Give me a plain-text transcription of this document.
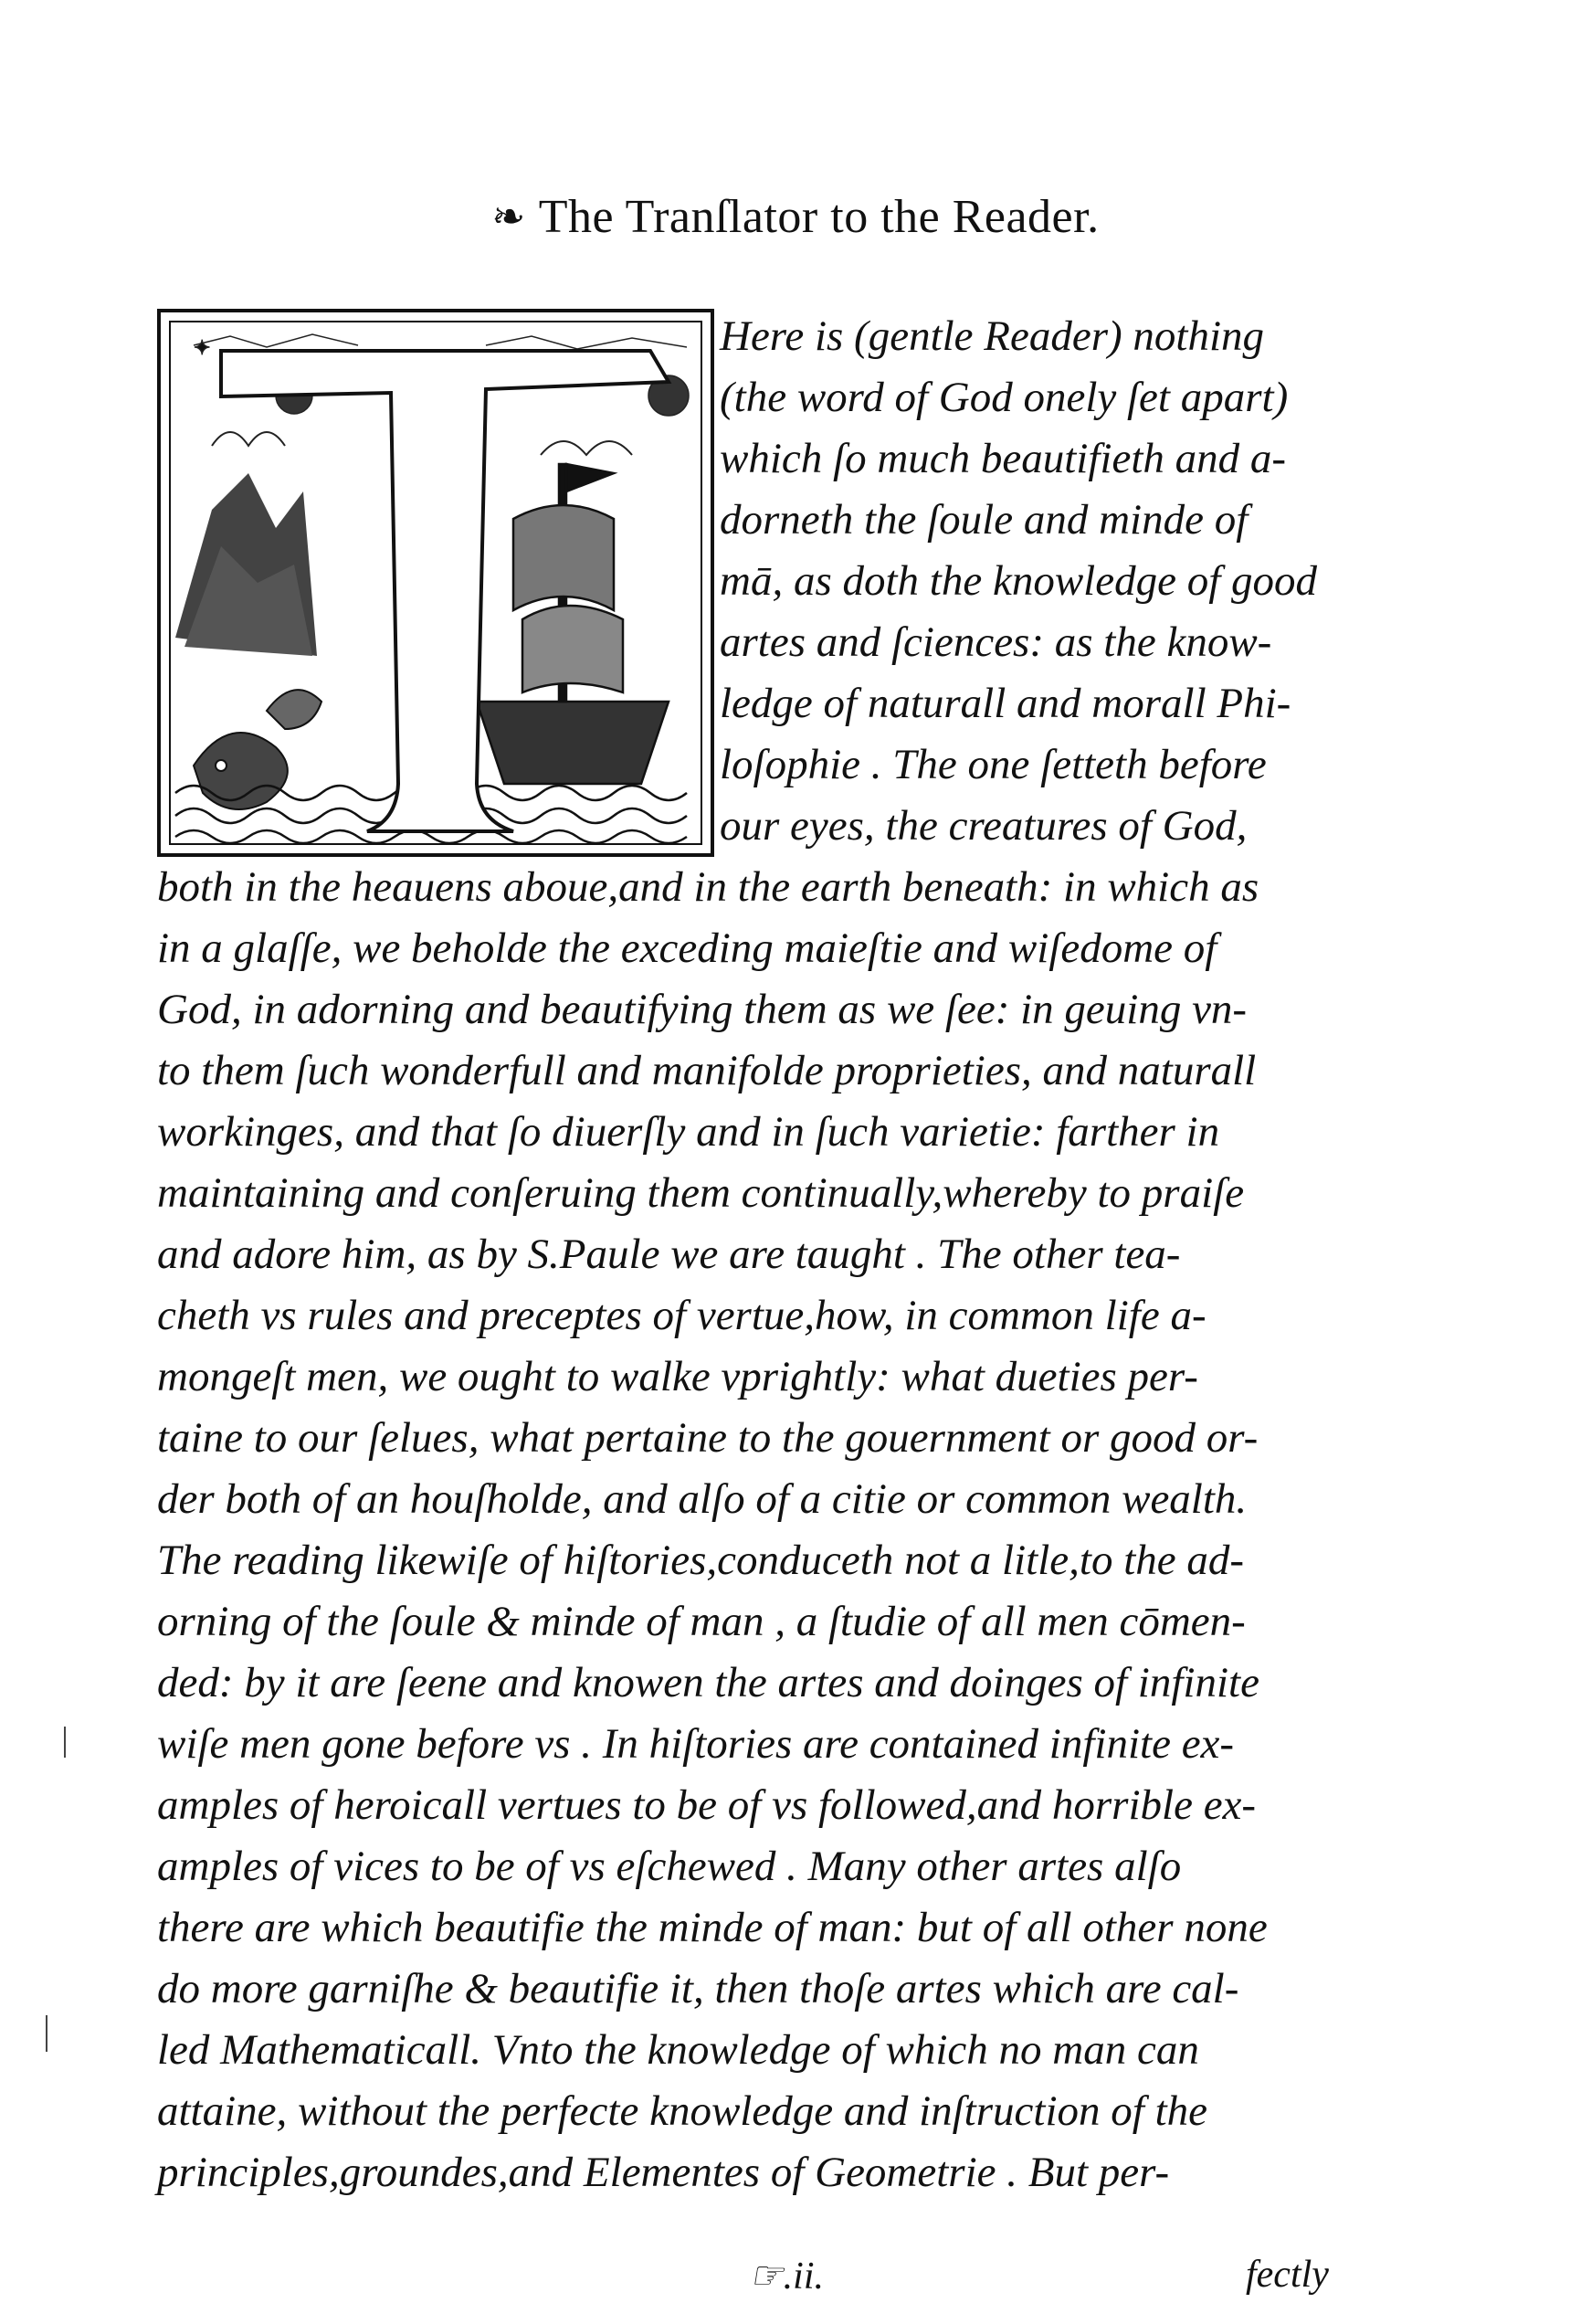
❧ The Tranſlator to the Reader.
✦	Here is (gentle Reader) nothing
(the word of God onely ſet apart)
which ſo much beautifieth and a-
dorneth the ſoule and minde of
mā, as doth the knowledge of good
artes and ſciences: as the know-
ledge of naturall and morall Phi-
loſophie . The one ſetteth before
our eyes, the creatures of God,
both in the heauens aboue,and in the earth beneath: in which as
in a glaſſe, we beholde the exceding maieſtie and wiſedome of
God, in adorning and beautifying them as we ſee: in geuing vn-
to them ſuch wonderfull and manifolde proprieties, and naturall
workinges, and that ſo diuerſly and in ſuch varietie: farther in
maintaining and conſeruing them continually,whereby to praiſe
and adore him, as by S.Paule we are taught . The other tea-
cheth vs rules and preceptes of vertue,how, in common life a-
mongeſt men, we ought to walke vprightly: what dueties per-
taine to our ſelues, what pertaine to the gouernment or good or-
der both of an houſholde, and alſo of a citie or common wealth.
The reading likewiſe of hiſtories,conduceth not a litle,to the ad-
orning of the ſoule & minde of man , a ſtudie of all men cōmen-
ded: by it are ſeene and knowen the artes and doinges of infinite
wiſe men gone before vs . In hiſtories are contained infinite ex-
amples of heroicall vertues to be of vs followed,and horrible ex-
amples of vices to be of vs eſchewed . Many other artes alſo
there are which beautifie the minde of man: but of all other none
do more garniſhe & beautifie it, then thoſe artes which are cal-
led Mathematicall. Vnto the knowledge of which no man can
attaine, without the perfecte knowledge and inſtruction of the
principles,groundes,and Elementes of Geometrie . But per-
☞.ii.	fectly
